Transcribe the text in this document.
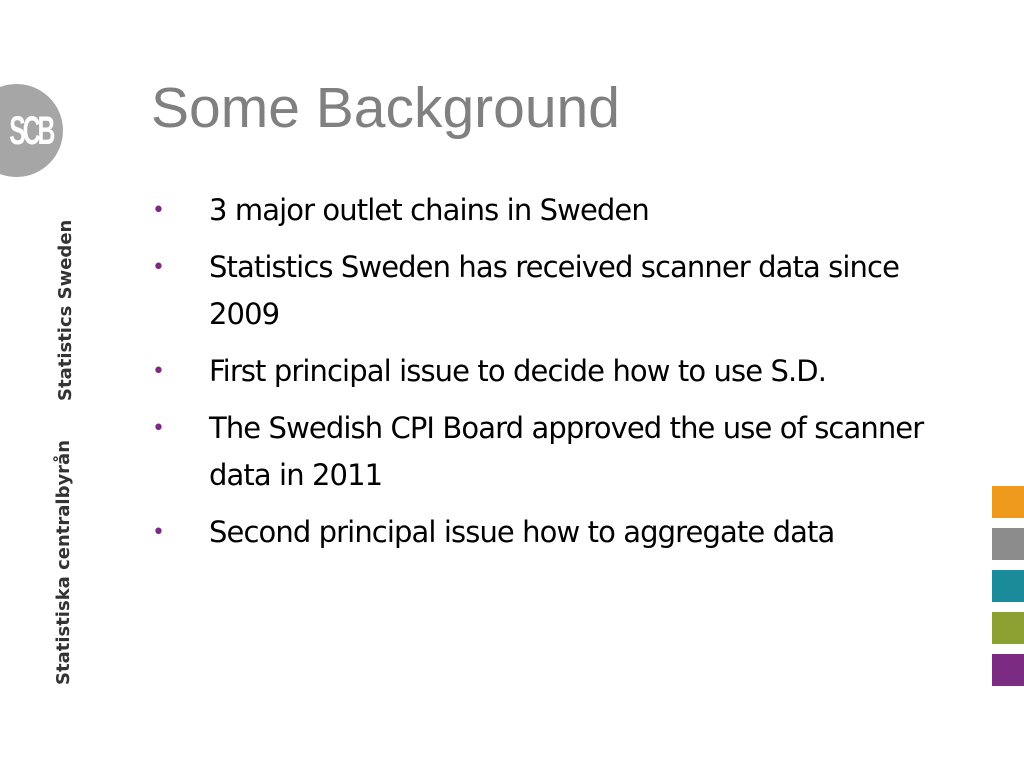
SCB
Statistiska centralbyrån
Statistics Sweden
Some Background
• 3 major outlet chains in Sweden
• Statistics Sweden has received scanner data since 2009
• First principal issue to decide how to use S.D.
• The Swedish CPI Board approved the use of scanner data in 2011
• Second principal issue how to aggregate data
